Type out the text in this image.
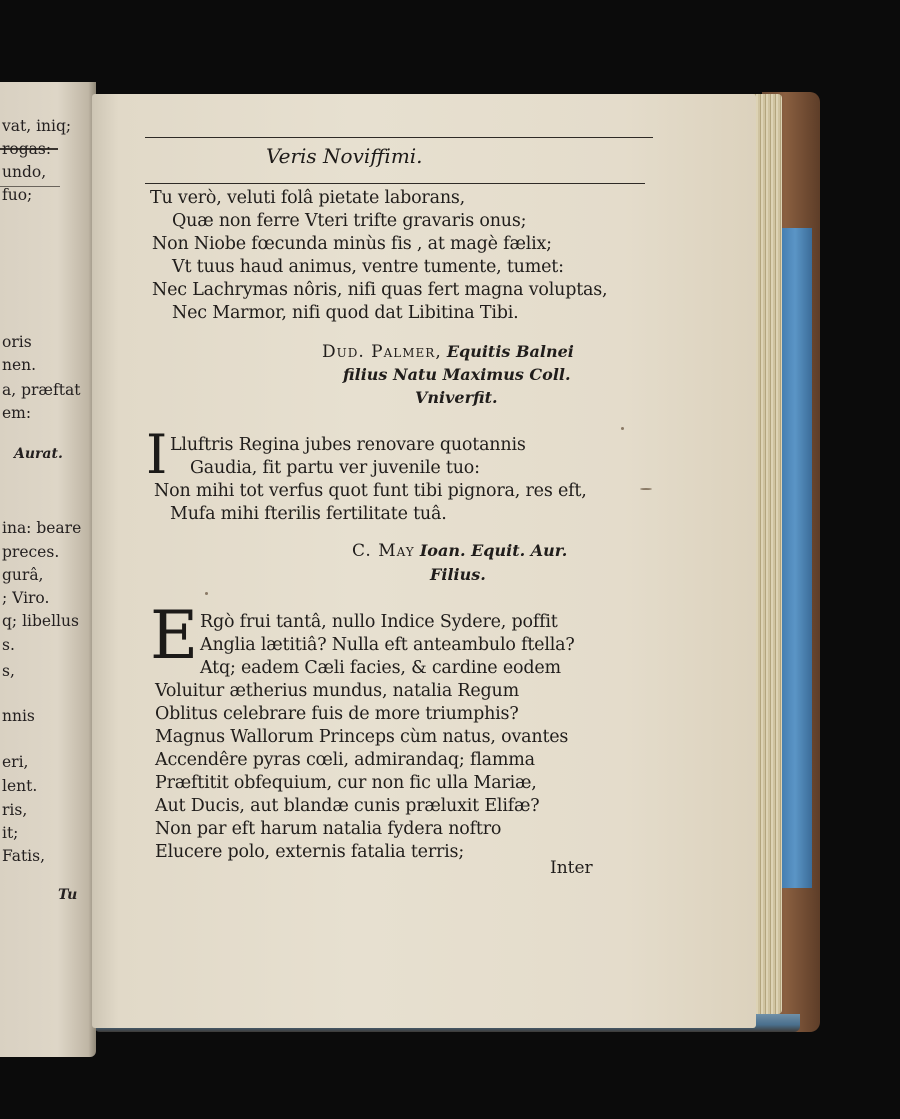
vat, iniq;
rogas:
undo,
fuo;
oris
nen.
a, præftat
em:
Aurat.
ina: beare
preces.
gurâ,
; Viro.
q; libellus
s.
s,
nnis
eri,
lent.
ris,
it;
Fatis,
Tu
Veris Noviffimi.
Tu verò, veluti folâ pietate laborans,
Quæ non ferre Vteri trifte gravaris onus;
Non Niobe fœcunda minùs fis , at magè fælix;
Vt tuus haud animus, ventre tumente, tumet:
Nec Lachrymas nôris, nifi quas fert magna voluptas,
Nec Marmor, nifi quod dat Libitina Tibi.
Dud. Palmer, Equitis Balnei
filius Natu Maximus Coll.
Vniverfit.
I Lluftris Regina jubes renovare quotannis
Gaudia, fit partu ver juvenile tuo:
Non mihi tot verfus quot funt tibi pignora, res eft,
Mufa mihi fterilis fertilitate tuâ.
C. May Ioan. Equit. Aur.
Filius.
E Rgò frui tantâ, nullo Indice Sydere, poffit
Anglia lætitiâ? Nulla eft anteambulo ftella?
Atq; eadem Cæli facies, & cardine eodem
Voluitur ætherius mundus, natalia Regum
Oblitus celebrare fuis de more triumphis?
Magnus Wallorum Princeps cùm natus, ovantes
Accendêre pyras cœli, admirandaq; flamma
Præftitit obfequium, cur non fic ulla Mariæ,
Aut Ducis, aut blandæ cunis præluxit Elifæ?
Non par eft harum natalia fydera noftro
Elucere polo, externis fatalia terris;
Inter
